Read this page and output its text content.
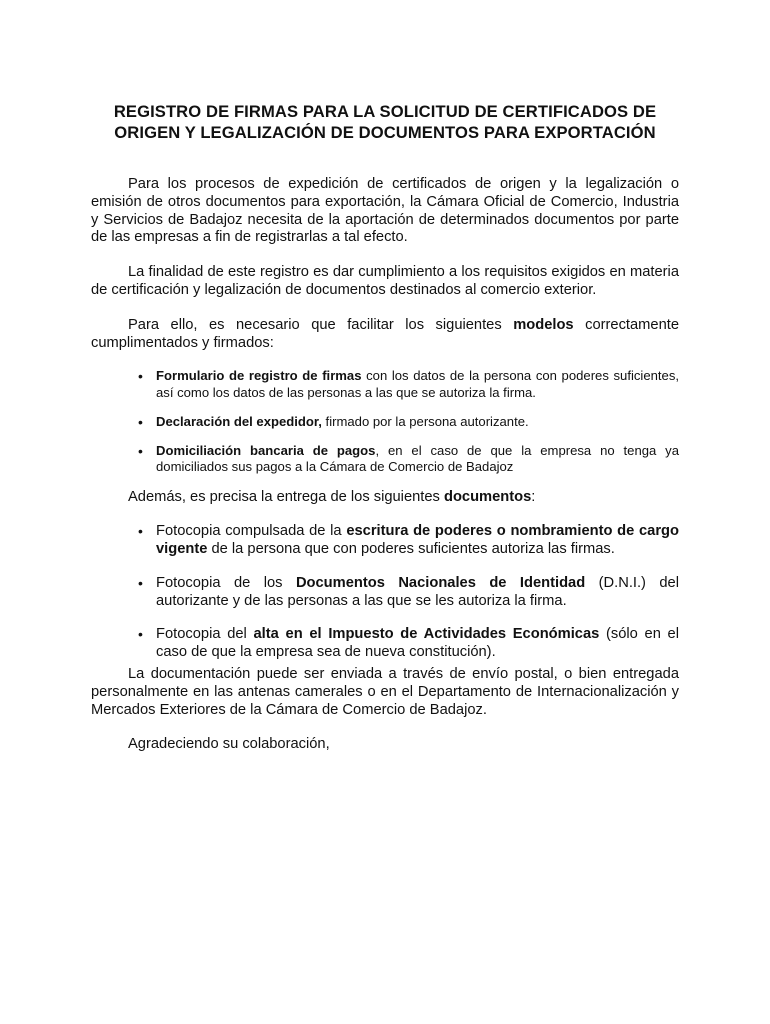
REGISTRO DE FIRMAS PARA LA SOLICITUD DE CERTIFICADOS DE ORIGEN Y LEGALIZACIÓN DE DOCUMENTOS PARA EXPORTACIÓN

Para los procesos de expedición de certificados de origen y la legalización o emisión de otros documentos para exportación, la Cámara Oficial de Comercio, Industria y Servicios de Badajoz necesita de la aportación de determinados documentos por parte de las empresas a fin de registrarlas a tal efecto.

La finalidad de este registro es dar cumplimiento a los requisitos exigidos en materia de certificación y legalización de documentos destinados al comercio exterior.

Para ello, es necesario que facilitar los siguientes modelos correctamente cumplimentados y firmados:

• Formulario de registro de firmas con los datos de la persona con poderes suficientes, así como los datos de las personas a las que se autoriza la firma.
• Declaración del expedidor, firmado por la persona autorizante.
• Domiciliación bancaria de pagos, en el caso de que la empresa no tenga ya domiciliados sus pagos a la Cámara de Comercio de Badajoz

Además, es precisa la entrega de los siguientes documentos:

• Fotocopia compulsada de la escritura de poderes o nombramiento de cargo vigente de la persona que con poderes suficientes autoriza las firmas.
• Fotocopia de los Documentos Nacionales de Identidad (D.N.I.) del autorizante y de las personas a las que se les autoriza la firma.
• Fotocopia del alta en el Impuesto de Actividades Económicas (sólo en el caso de que la empresa sea de nueva constitución).

La documentación puede ser enviada a través de envío postal, o bien entregada personalmente en las antenas camerales o en el Departamento de Internacionalización y Mercados Exteriores de la Cámara de Comercio de Badajoz.

Agradeciendo su colaboración,
